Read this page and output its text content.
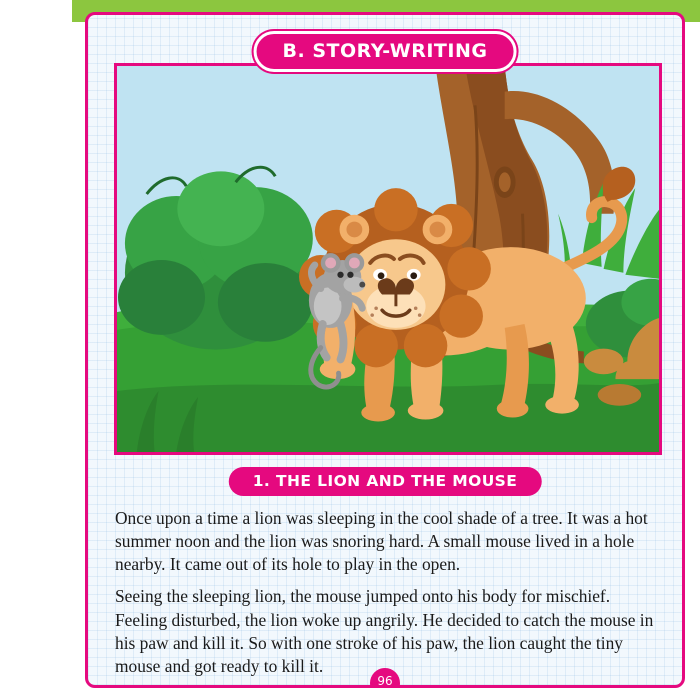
B. STORY-WRITING
1. THE LION AND THE MOUSE

Once upon a time a lion was sleeping in the cool shade of a tree. It was a hot summer noon and the lion was snoring hard. A small mouse lived in a hole nearby. It came out of its hole to play in the open.

Seeing the sleeping lion, the mouse jumped onto his body for mischief. Feeling disturbed, the lion woke up angrily. He decided to catch the mouse in his paw and kill it. So with one stroke of his paw, the lion caught the tiny mouse and got ready to kill it.

96
